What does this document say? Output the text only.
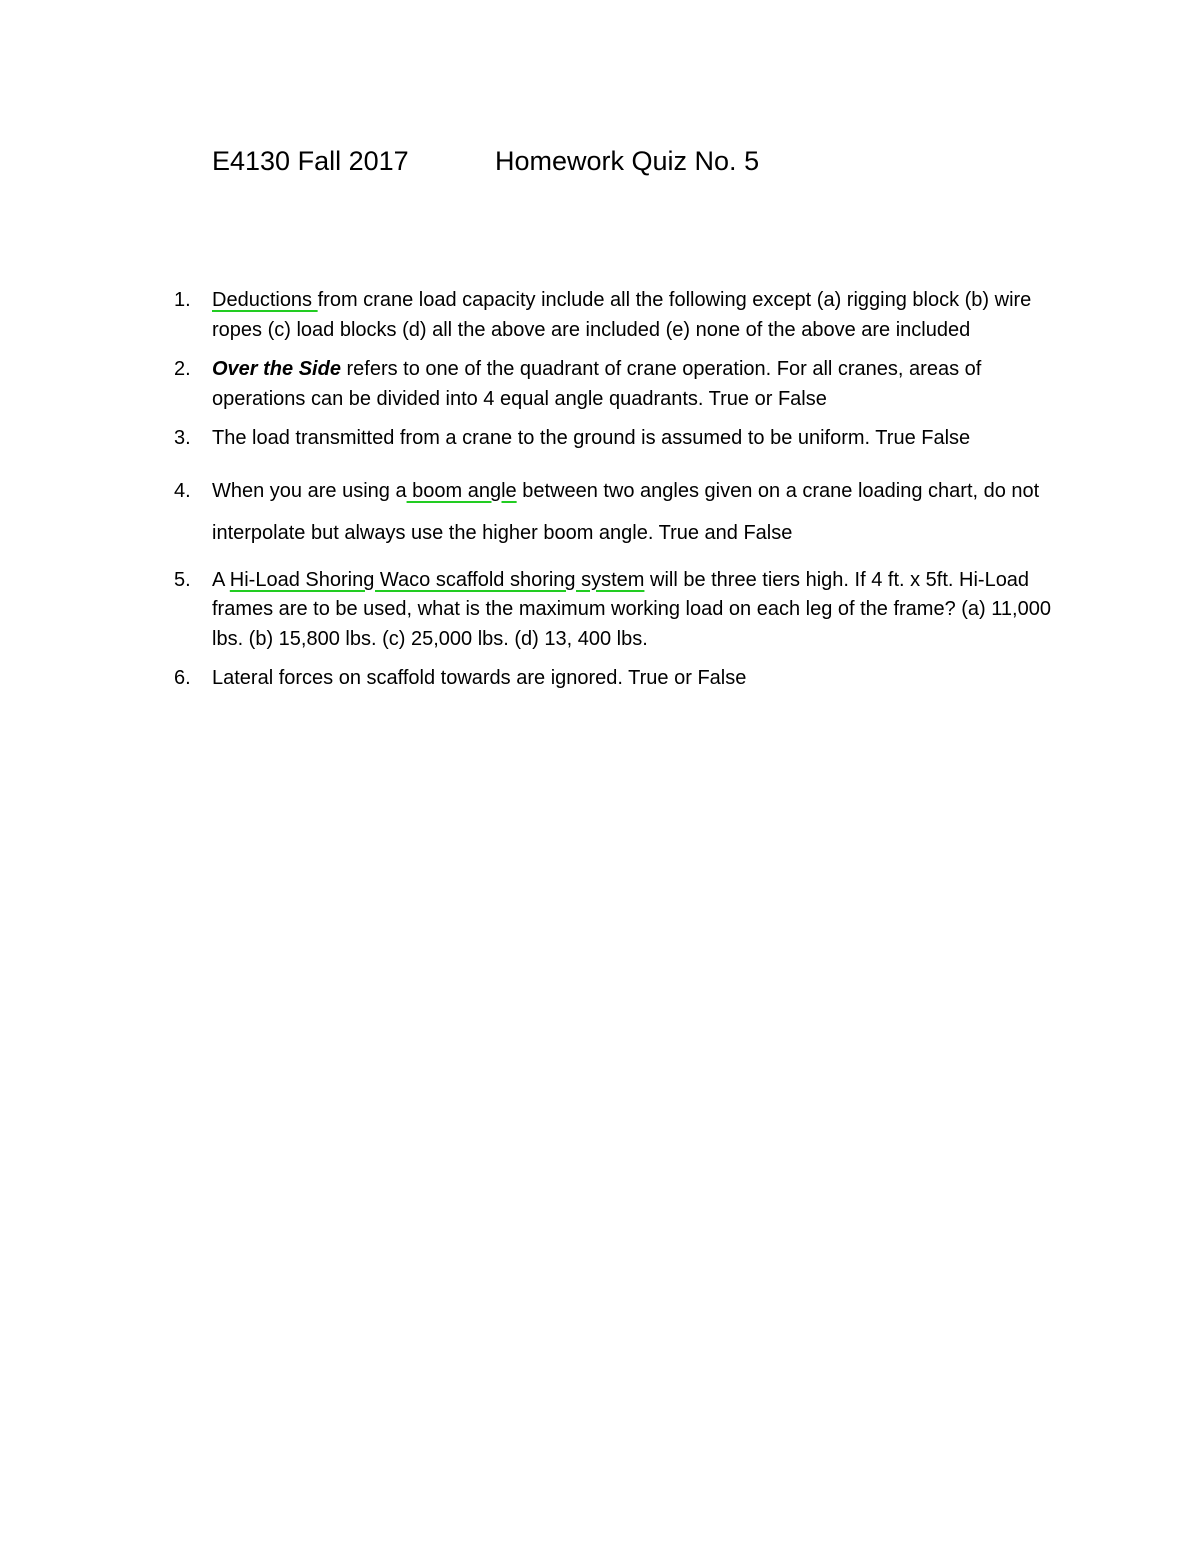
E4130 Fall 2017	Homework Quiz No. 5
1. Deductions from crane load capacity include all the following except (a) rigging block (b) wire ropes (c) load blocks (d) all the above are included (e) none of the above are included
2. Over the Side refers to one of the quadrant of crane operation. For all cranes, areas of operations can be divided into 4 equal angle quadrants. True or False
3. The load transmitted from a crane to the ground is assumed to be uniform. True False
4. When you are using a boom angle between two angles given on a crane loading chart, do not interpolate but always use the higher boom angle. True and False
5. A Hi-Load Shoring Waco scaffold shoring system will be three tiers high. If 4 ft. x 5ft. Hi-Load frames are to be used, what is the maximum working load on each leg of the frame? (a) 11,000 lbs. (b) 15,800 lbs. (c) 25,000 lbs. (d) 13, 400 lbs.
6. Lateral forces on scaffold towards are ignored. True or False
